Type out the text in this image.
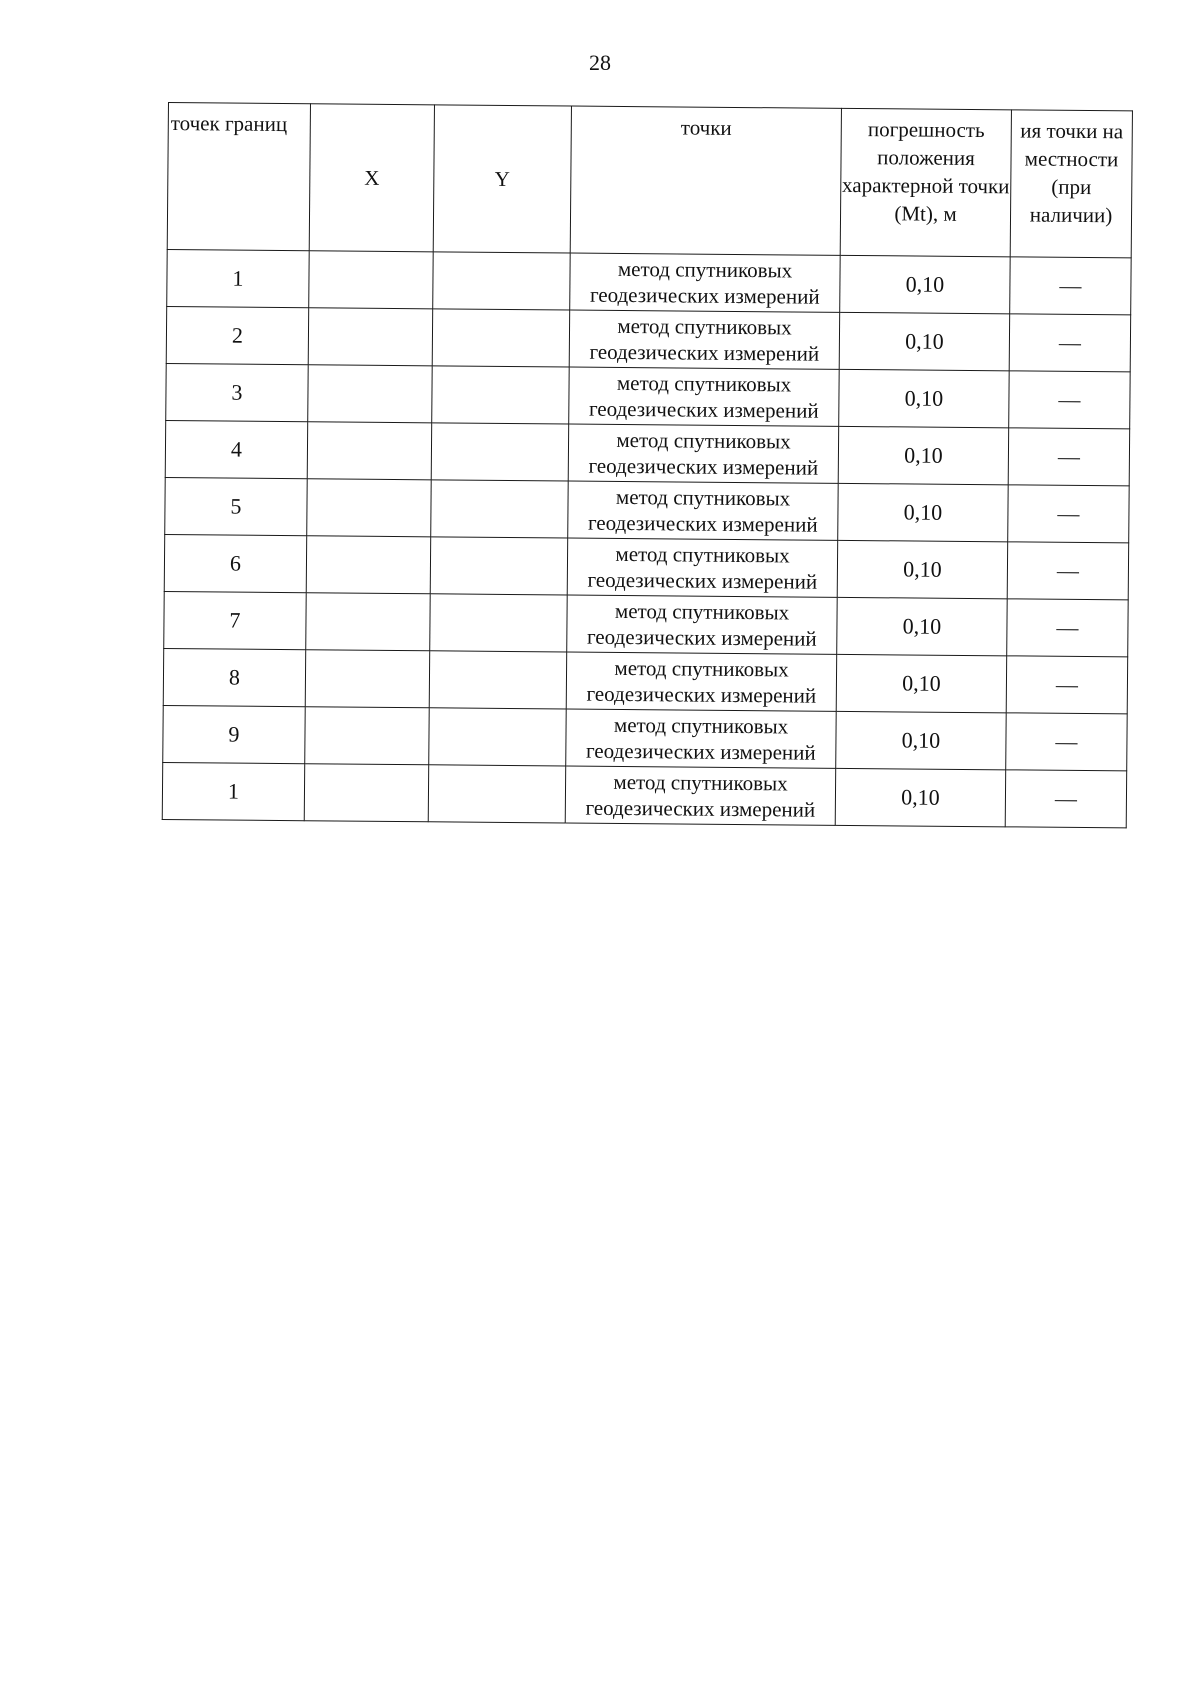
28
точек границ	X	Y	точки	погрешность положения характерной точки (Mt), м	ия точки на местности (при наличии)
1			метод спутниковых
геодезических измерений	0,10	—
2			метод спутниковых
геодезических измерений	0,10	—
3			метод спутниковых
геодезических измерений	0,10	—
4			метод спутниковых
геодезических измерений	0,10	—
5			метод спутниковых
геодезических измерений	0,10	—
6			метод спутниковых
геодезических измерений	0,10	—
7			метод спутниковых
геодезических измерений	0,10	—
8			метод спутниковых
геодезических измерений	0,10	—
9			метод спутниковых
геодезических измерений	0,10	—
1			метод спутниковых
геодезических измерений	0,10	—
